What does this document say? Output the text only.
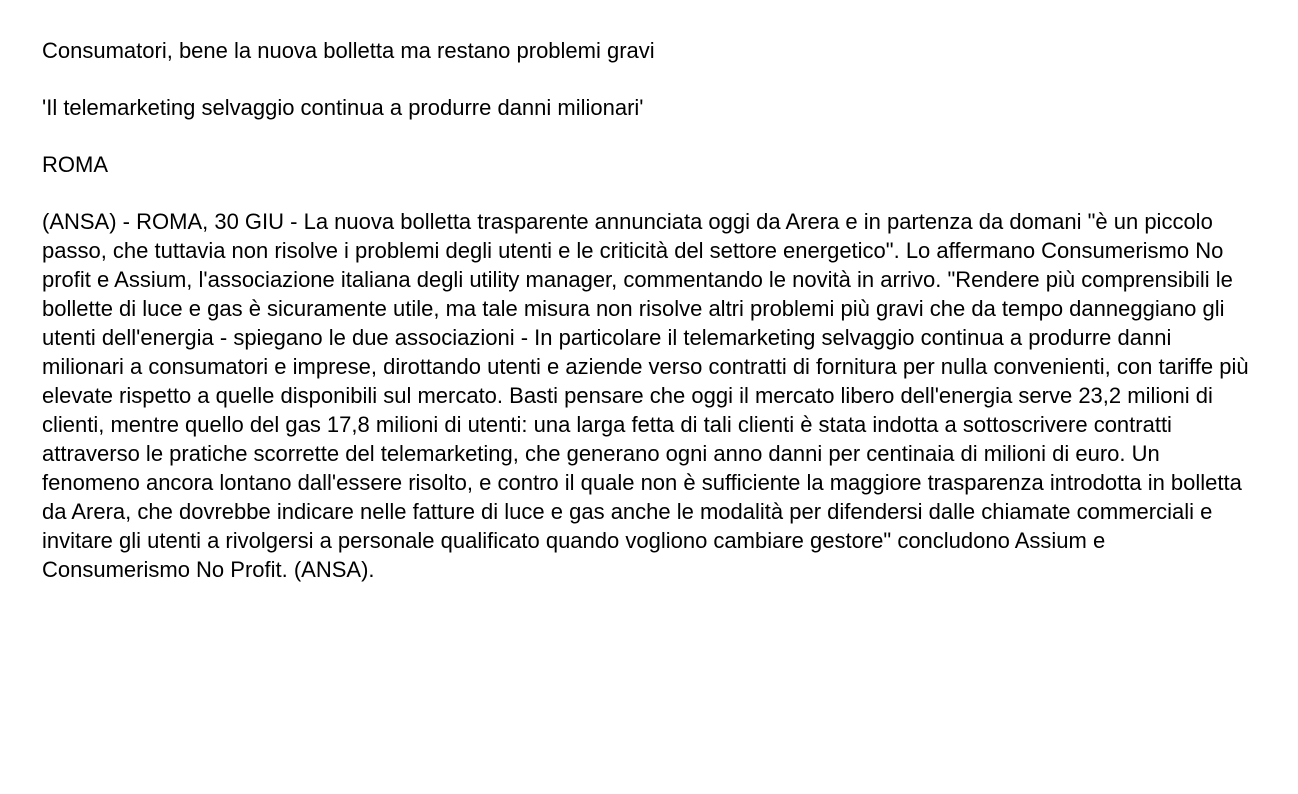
Consumatori, bene la nuova bolletta ma restano problemi gravi
'Il telemarketing selvaggio continua a produrre danni milionari'
ROMA
(ANSA) - ROMA, 30 GIU - La nuova bolletta trasparente annunciata oggi da Arera e in partenza da domani "è un piccolo passo, che tuttavia non risolve i problemi degli utenti e le criticità del settore energetico". Lo affermano Consumerismo No profit e Assium, l'associazione italiana degli utility manager, commentando le novità in arrivo. "Rendere più comprensibili le bollette di luce e gas è sicuramente utile, ma tale misura non risolve altri problemi più gravi che da tempo danneggiano gli utenti dell'energia - spiegano le due associazioni - In particolare il telemarketing selvaggio continua a produrre danni milionari a consumatori e imprese, dirottando utenti e aziende verso contratti di fornitura per nulla convenienti, con tariffe più elevate rispetto a quelle disponibili sul mercato. Basti pensare che oggi il mercato libero dell'energia serve 23,2 milioni di clienti, mentre quello del gas 17,8 milioni di utenti: una larga fetta di tali clienti è stata indotta a sottoscrivere contratti attraverso le pratiche scorrette del telemarketing, che generano ogni anno danni per centinaia di milioni di euro. Un fenomeno ancora lontano dall'essere risolto, e contro il quale non è sufficiente la maggiore trasparenza introdotta in bolletta da Arera, che dovrebbe indicare nelle fatture di luce e gas anche le modalità per difendersi dalle chiamate commerciali e invitare gli utenti a rivolgersi a personale qualificato quando vogliono cambiare gestore" concludono Assium e Consumerismo No Profit. (ANSA).
